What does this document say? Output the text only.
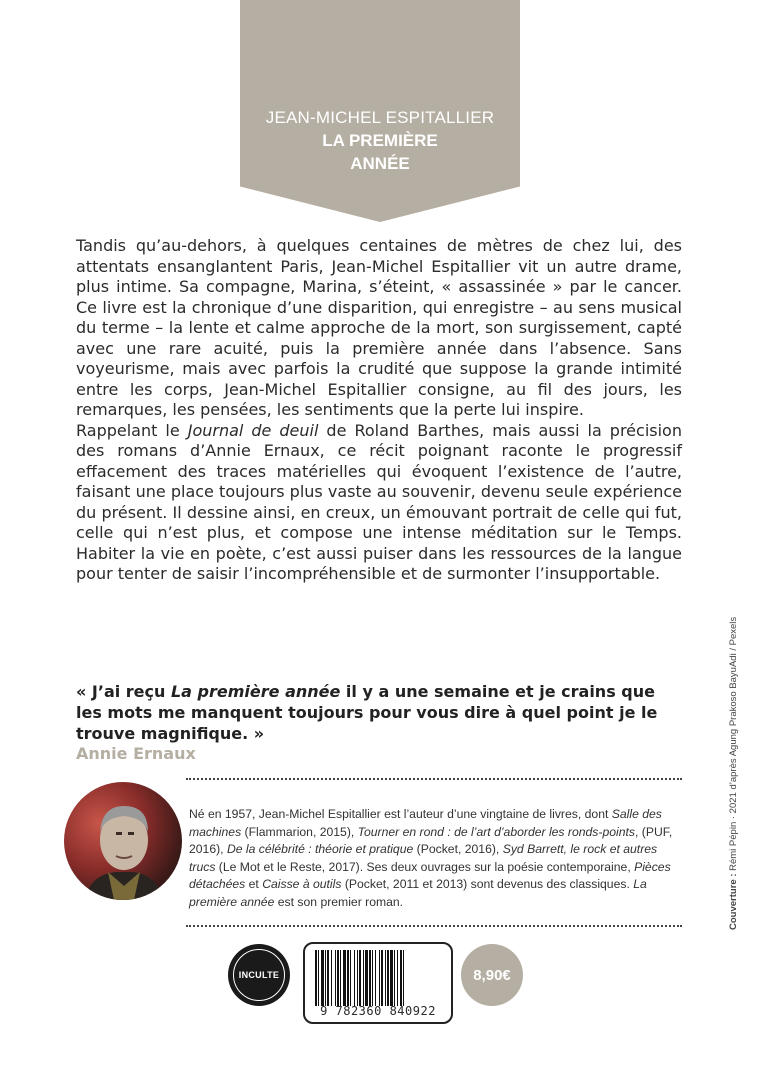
JEAN-MICHEL ESPITALLIER
LA PREMIÈRE
ANNÉE

Tandis qu’au-dehors, à quelques centaines de mètres de chez lui, des attentats ensanglantent Paris, Jean-Michel Espitallier vit un autre drame, plus intime. Sa compagne, Marina, s’éteint, « assassinée » par le cancer. Ce livre est la chronique d’une disparition, qui enregistre – au sens musical du terme – la lente et calme approche de la mort, son surgissement, capté avec une rare acuité, puis la première année dans l’absence. Sans voyeurisme, mais avec parfois la crudité que suppose la grande intimité entre les corps, Jean-Michel Espitallier consigne, au fil des jours, les remarques, les pensées, les sentiments que la perte lui inspire.

Rappelant le Journal de deuil de Roland Barthes, mais aussi la précision des romans d’Annie Ernaux, ce récit poignant raconte le progressif effacement des traces matérielles qui évoquent l’existence de l’autre, faisant une place toujours plus vaste au souvenir, devenu seule expérience du présent. Il dessine ainsi, en creux, un émouvant portrait de celle qui fut, celle qui n’est plus, et compose une intense méditation sur le Temps. Habiter la vie en poète, c’est aussi puiser dans les ressources de la langue pour tenter de saisir l’incompréhensible et de surmonter l’insupportable.

« J’ai reçu La première année il y a une semaine et je crains que les mots me manquent toujours pour vous dire à quel point je le trouve magnifique. »
Annie Ernaux
Né en 1957, Jean-Michel Espitallier est l’auteur d’une vingtaine de livres, dont Salle des machines (Flammarion, 2015), Tourner en rond : de l’art d’aborder les ronds-points, (PUF, 2016), De la célébrité : théorie et pratique (Pocket, 2016), Syd Barrett, le rock et autres trucs (Le Mot et le Reste, 2017). Ses deux ouvrages sur la poésie contemporaine, Pièces détachées et Caisse à outils (Pocket, 2011 et 2013) sont devenus des classiques. La première année est son premier roman.	Couverture : Rémi Pépin · 2021 d’après Agung Prakoso BayuAdi / Pexels
INCULTE
9 782360 840922
8,90€
